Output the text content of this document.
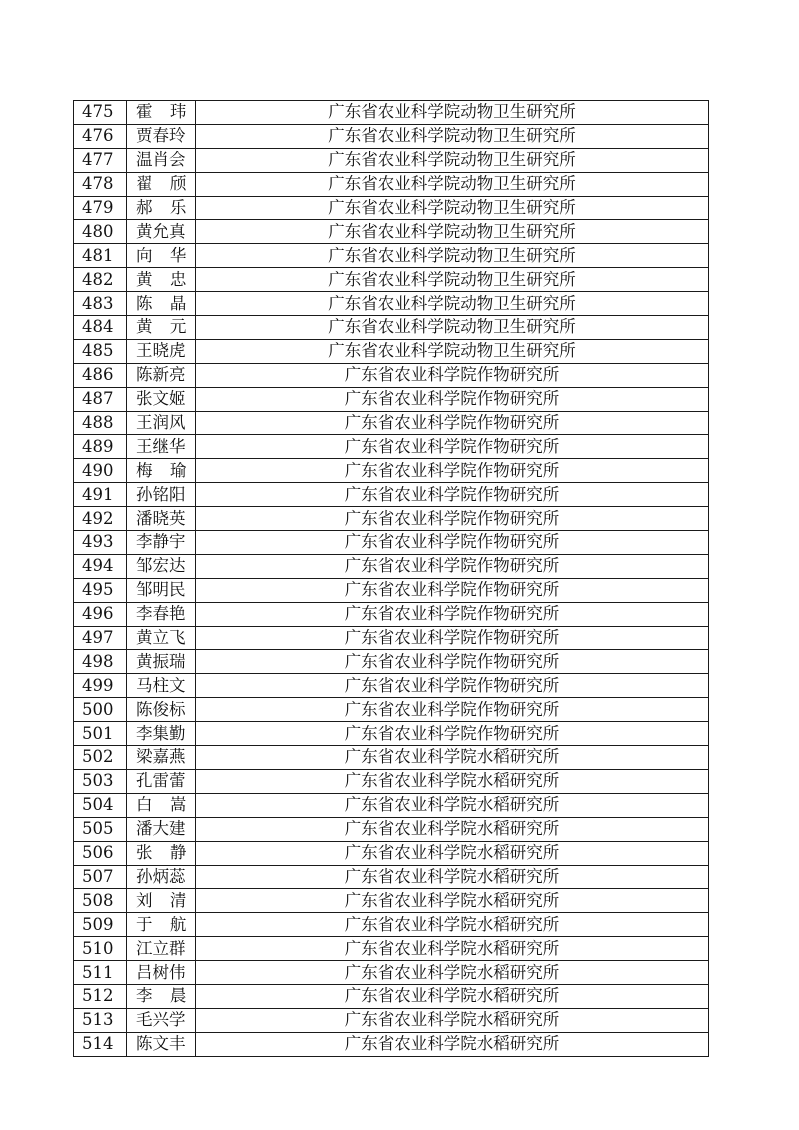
475	霍玮	广东省农业科学院动物卫生研究所
476	贾春玲	广东省农业科学院动物卫生研究所
477	温肖会	广东省农业科学院动物卫生研究所
478	翟颀	广东省农业科学院动物卫生研究所
479	郝乐	广东省农业科学院动物卫生研究所
480	黄允真	广东省农业科学院动物卫生研究所
481	向华	广东省农业科学院动物卫生研究所
482	黄忠	广东省农业科学院动物卫生研究所
483	陈晶	广东省农业科学院动物卫生研究所
484	黄元	广东省农业科学院动物卫生研究所
485	王晓虎	广东省农业科学院动物卫生研究所
486	陈新亮	广东省农业科学院作物研究所
487	张文姬	广东省农业科学院作物研究所
488	王润风	广东省农业科学院作物研究所
489	王继华	广东省农业科学院作物研究所
490	梅瑜	广东省农业科学院作物研究所
491	孙铭阳	广东省农业科学院作物研究所
492	潘晓英	广东省农业科学院作物研究所
493	李静宇	广东省农业科学院作物研究所
494	邹宏达	广东省农业科学院作物研究所
495	邹明民	广东省农业科学院作物研究所
496	李春艳	广东省农业科学院作物研究所
497	黄立飞	广东省农业科学院作物研究所
498	黄振瑞	广东省农业科学院作物研究所
499	马柱文	广东省农业科学院作物研究所
500	陈俊标	广东省农业科学院作物研究所
501	李集勤	广东省农业科学院作物研究所
502	梁嘉燕	广东省农业科学院水稻研究所
503	孔雷蕾	广东省农业科学院水稻研究所
504	白嵩	广东省农业科学院水稻研究所
505	潘大建	广东省农业科学院水稻研究所
506	张静	广东省农业科学院水稻研究所
507	孙炳蕊	广东省农业科学院水稻研究所
508	刘清	广东省农业科学院水稻研究所
509	于航	广东省农业科学院水稻研究所
510	江立群	广东省农业科学院水稻研究所
511	吕树伟	广东省农业科学院水稻研究所
512	李晨	广东省农业科学院水稻研究所
513	毛兴学	广东省农业科学院水稻研究所
514	陈文丰	广东省农业科学院水稻研究所
